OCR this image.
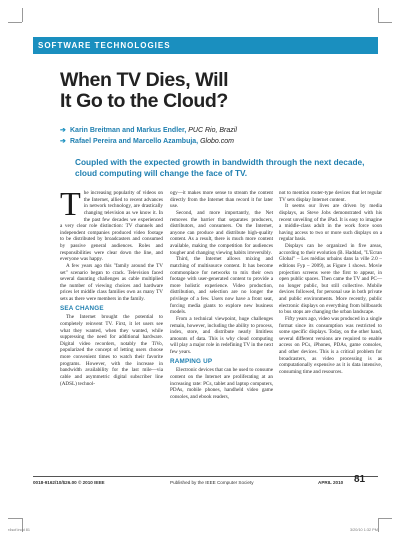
SOFTWARE TECHNOLOGIES
When TV Dies, Will
It Go to the Cloud?
➔ Karin Breitman and Markus Endler, PUC Rio, Brazil
➔ Rafael Pereira and Marcello Azambuja, Globo.com
Coupled with the expected growth in bandwidth through the next decade, cloud computing will change the face of TV.

The increasing popularity of videos on the Internet, allied to recent advances in network technology, are drastically changing television as we know it. In the past few decades we experienced a very clear role distinction: TV channels and independent companies produced video footage to be distributed by broadcasters and consumed by passive general audiences. Roles and responsibilities were clear down the line, and everyone was happy.

A few years ago this "family around the TV set" scenario began to crack. Television faced several daunting challenges as cable multiplied the number of viewing choices and hardware prices let middle class families own as many TV sets as there were members in the family.

SEA CHANGE

The Internet brought the potential to completely reinvent TV. First, it let users see what they wanted, when they wanted, while suppressing the need for additional hardware. Digital video recorders, notably the TiVo, popularized the concept of letting users choose more convenient times to watch their favorite programs. However, with the increase in bandwidth availability for the last mile—via cable and asymmetric digital subscriber line (ADSL) technol-

ogy—it makes more sense to stream the content directly from the Internet than record it for later use.

Second, and more importantly, the Net removes the barrier that separates producers, distributors, and consumers. On the Internet, anyone can produce and distribute high-quality content. As a result, there is much more content available, making the competition for audiences tougher and changing viewing habits irreversibly.

Third, the Internet allows mixing and matching of multisource content. It has become commonplace for networks to mix their own footage with user-generated content to provide a more holistic experience. Video production, distribution, and selection are no longer the privilege of a few. Users now have a front seat, forcing media giants to explore new business models.

From a technical viewpoint, huge challenges remain, however, including the ability to process, index, store, and distribute nearly limitless amounts of data. This is why cloud computing will play a major role in redefining TV in the next few years.

RAMPING UP

Electronic devices that can be used to consume content on the Internet are proliferating at an increasing rate: PCs, tablet and laptop computers, PDAs, mobile phones, handheld video game consoles, and ebook readers,

not to mention router-type devices that let regular TV sets display Internet content.

It seems our lives are driven by media displays, as Steve Jobs demonstrated with his recent unveiling of the iPad. It is easy to imagine a middle-class adult in the work force soon having access to two or more such displays on a regular basis.

Displays can be organized in five areas, according to their evolution (B. Haddad, "L'Ecran Global" – Les médias urbains dans la ville 2.0 – editions Fyp – 2009), as Figure 1 shows. Movie projection screens were the first to appear, in open public spaces. Then came the TV and PC—no longer public, but still collective. Mobile devices followed, for personal use in both private and public environments. More recently, public electronic displays on everything from billboards to bus stops are changing the urban landscape.

Fifty years ago, video was produced in a single format since its consumption was restricted to some specific displays. Today, on the other hand, several different versions are required to enable access on PCs, iPhones, PDAs, game consoles, and other devices. This is a critical problem for broadcasters, as video processing is as computationally expensive as it is data intensive, consuming time and resources.

0018-9162/10/$26.00 © 2010 IEEE	Published by the IEEE Computer Society	APRIL 2010 81
r4sof.indd 81	3/20/10 1:32 PM
